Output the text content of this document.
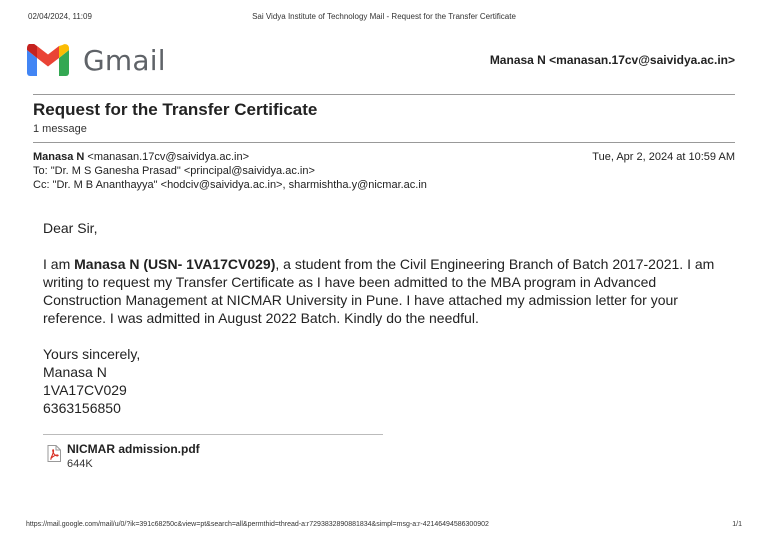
02/04/2024, 11:09	Sai Vidya Institute of Technology Mail - Request for the Transfer Certificate
Gmail	Manasa N <manasan.17cv@saividya.ac.in>
Request for the Transfer Certificate
1 message
Manasa N <manasan.17cv@saividya.ac.in>	Tue, Apr 2, 2024 at 10:59 AM
To: "Dr. M S Ganesha Prasad" <principal@saividya.ac.in>
Cc: "Dr. M B Ananthayya" <hodciv@saividya.ac.in>, sharmishtha.y@nicmar.ac.in

Dear Sir,

I am Manasa N (USN- 1VA17CV029), a student from the Civil Engineering Branch of Batch 2017-2021. I am writing to request my Transfer Certificate as I have been admitted to the MBA program in Advanced Construction Management at NICMAR University in Pune. I have attached my admission letter for your reference. I was admitted in August 2022 Batch. Kindly do the needful.

Yours sincerely,

Manasa N

1VA17CV029

6363156850

NICMAR admission.pdf
644K
https://mail.google.com/mail/u/0/?ik=391c68250c&view=pt&search=all&permthid=thread-a:r7293832890881834&simpl=msg-a:r-4214649458630090​2	1/1
